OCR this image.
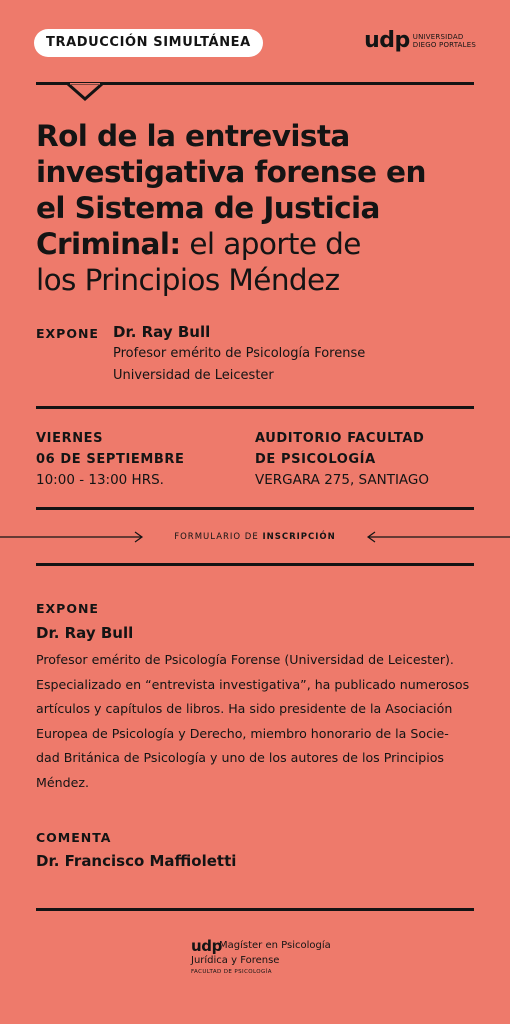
TRADUCCIÓN SIMULTÁNEA	udp UNIVERSIDAD
DIEGO PORTALES
Rol de la entrevista
investigativa forense en
el Sistema de Justicia
Criminal: el aporte de
los Principios Méndez
EXPONE Dr. Ray Bull
Profesor emérito de Psicología Forense
Universidad de Leicester
VIERNES
06 DE SEPTIEMBRE
10:00 - 13:00 HRS.
AUDITORIO FACULTAD
DE PSICOLOGÍA
VERGARA 275, SANTIAGO
FORMULARIO DE INSCRIPCIÓN
EXPONE
Dr. Ray Bull
Profesor emérito de Psicología Forense (Universidad de Leicester).
Especializado en “entrevista investigativa”, ha publicado numerosos
artículos y capítulos de libros. Ha sido presidente de la Asociación
Europea de Psicología y Derecho, miembro honorario de la Socie-
dad Británica de Psicología y uno de los autores de los Principios
Méndez.
COMENTA
Dr. Francisco Maffioletti
udp
Magíster en Psicología
Jurídica y Forense
FACULTAD DE PSICOLOGÍA
